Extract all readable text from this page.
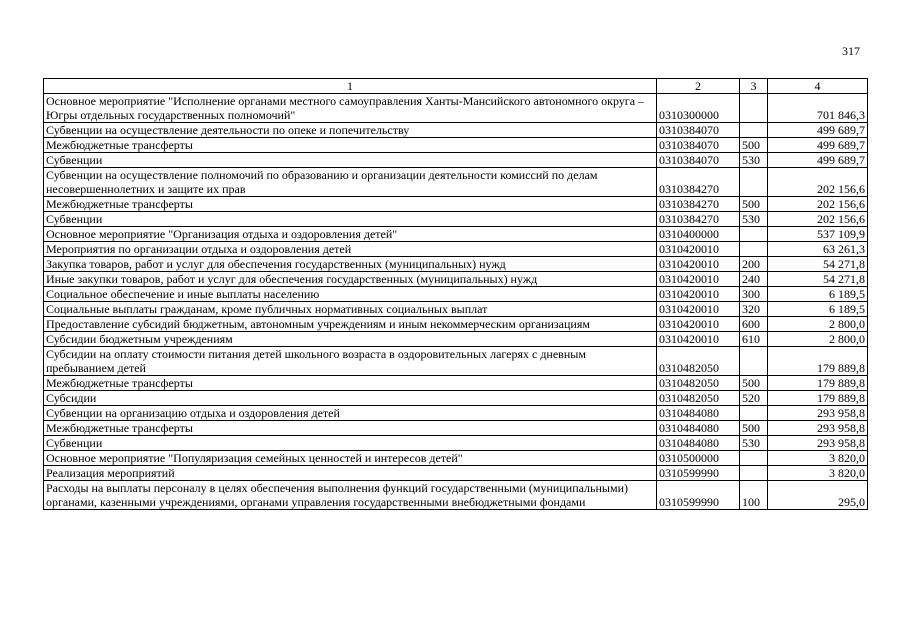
317
1	2	3	4
Основное мероприятие "Исполнение органами местного самоуправления Ханты-Мансийского автономного округа – Югры отдельных государственных полномочий"	0310300000		701 846,3
Субвенции на осуществление деятельности по опеке и попечительству	0310384070		499 689,7
Межбюджетные трансферты	0310384070	500	499 689,7
Субвенции	0310384070	530	499 689,7
Субвенции на осуществление полномочий по образованию и организации деятельности комиссий по делам несовершеннолетних и защите их прав	0310384270		202 156,6
Межбюджетные трансферты	0310384270	500	202 156,6
Субвенции	0310384270	530	202 156,6
Основное мероприятие "Организация отдыха и оздоровления детей"	0310400000		537 109,9
Мероприятия по организации отдыха и оздоровления детей	0310420010		63 261,3
Закупка товаров, работ и услуг для обеспечения государственных (муниципальных) нужд	0310420010	200	54 271,8
Иные закупки товаров, работ и услуг для обеспечения государственных (муниципальных) нужд	0310420010	240	54 271,8
Социальное обеспечение и иные выплаты населению	0310420010	300	6 189,5
Социальные выплаты гражданам, кроме публичных нормативных социальных выплат	0310420010	320	6 189,5
Предоставление субсидий бюджетным, автономным учреждениям и иным некоммерческим организациям	0310420010	600	2 800,0
Субсидии бюджетным учреждениям	0310420010	610	2 800,0
Субсидии на оплату стоимости питания детей школьного возраста в оздоровительных лагерях с дневным пребыванием детей	0310482050		179 889,8
Межбюджетные трансферты	0310482050	500	179 889,8
Субсидии	0310482050	520	179 889,8
Субвенции на организацию отдыха и оздоровления детей	0310484080		293 958,8
Межбюджетные трансферты	0310484080	500	293 958,8
Субвенции	0310484080	530	293 958,8
Основное мероприятие "Популяризация семейных ценностей и интересов детей"	0310500000		3 820,0
Реализация мероприятий	0310599990		3 820,0
Расходы на выплаты персоналу в целях обеспечения выполнения функций государственными (муниципальными) органами, казенными учреждениями, органами управления государственными внебюджетными фондами	0310599990	100	295,0
